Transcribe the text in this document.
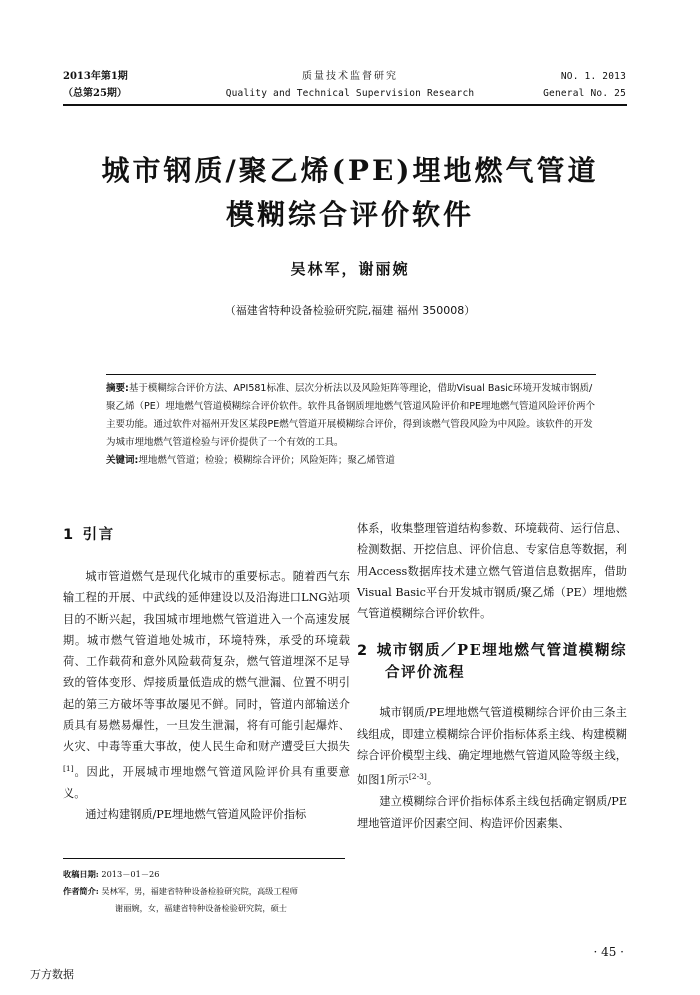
2013年第1期
（总第25期）
质量技术监督研究
Quality and Technical Supervision Research
NO. 1. 2013
General No. 25
城市钢质/聚乙烯(PE)埋地燃气管道
模糊综合评价软件
吴林军，谢丽婉
（福建省特种设备检验研究院,福建 福州 350008）
摘要:基于模糊综合评价方法、API581标准、层次分析法以及风险矩阵等理论，借助Visual Basic环境开发城市钢质/聚乙烯（PE）埋地燃气管道模糊综合评价软件。软件具备钢质埋地燃气管道风险评价和PE埋地燃气管道风险评价两个主要功能。通过软件对福州开发区某段PE燃气管道开展模糊综合评价，得到该燃气管段风险为中风险。该软件的开发为城市埋地燃气管道检验与评价提供了一个有效的工具。
关键词:埋地燃气管道；检验；模糊综合评价；风险矩阵；聚乙烯管道
1 引言

城市管道燃气是现代化城市的重要标志。随着西气东输工程的开展、中武线的延伸建设以及沿海进口LNG站项目的不断兴起，我国城市埋地燃气管道进入一个高速发展期。城市燃气管道地处城市，环境特殊，承受的环境载荷、工作载荷和意外风险载荷复杂，燃气管道埋深不足导致的管体变形、焊接质量低造成的燃气泄漏、位置不明引起的第三方破坏等事故屡见不鲜。同时，管道内部输送介质具有易燃易爆性，一旦发生泄漏，将有可能引起爆炸、火灾、中毒等重大事故，使人民生命和财产遭受巨大损失[1]。因此，开展城市埋地燃气管道风险评价具有重要意义。

通过构建钢质/PE埋地燃气管道风险评价指标

体系，收集整理管道结构参数、环境载荷、运行信息、检测数据、开挖信息、评价信息、专家信息等数据，利用Access数据库技术建立燃气管道信息数据库，借助Visual Basic平台开发城市钢质/聚乙烯（PE）埋地燃气管道模糊综合评价软件。

2 城市钢质／PE埋地燃气管道模糊综合评价流程

城市钢质/PE埋地燃气管道模糊综合评价由三条主线组成，即建立模糊综合评价指标体系主线、构建模糊综合评价模型主线、确定埋地燃气管道风险等级主线，如图1所示[2-3]。

建立模糊综合评价指标体系主线包括确定钢质/PE埋地管道评价因素空间、构造评价因素集、

收稿日期: 2013－01－26
作者简介: 吴林军，男，福建省特种设备检验研究院，高级工程师
谢丽婉，女，福建省特种设备检验研究院，硕士
· 45 ·
万方数据
